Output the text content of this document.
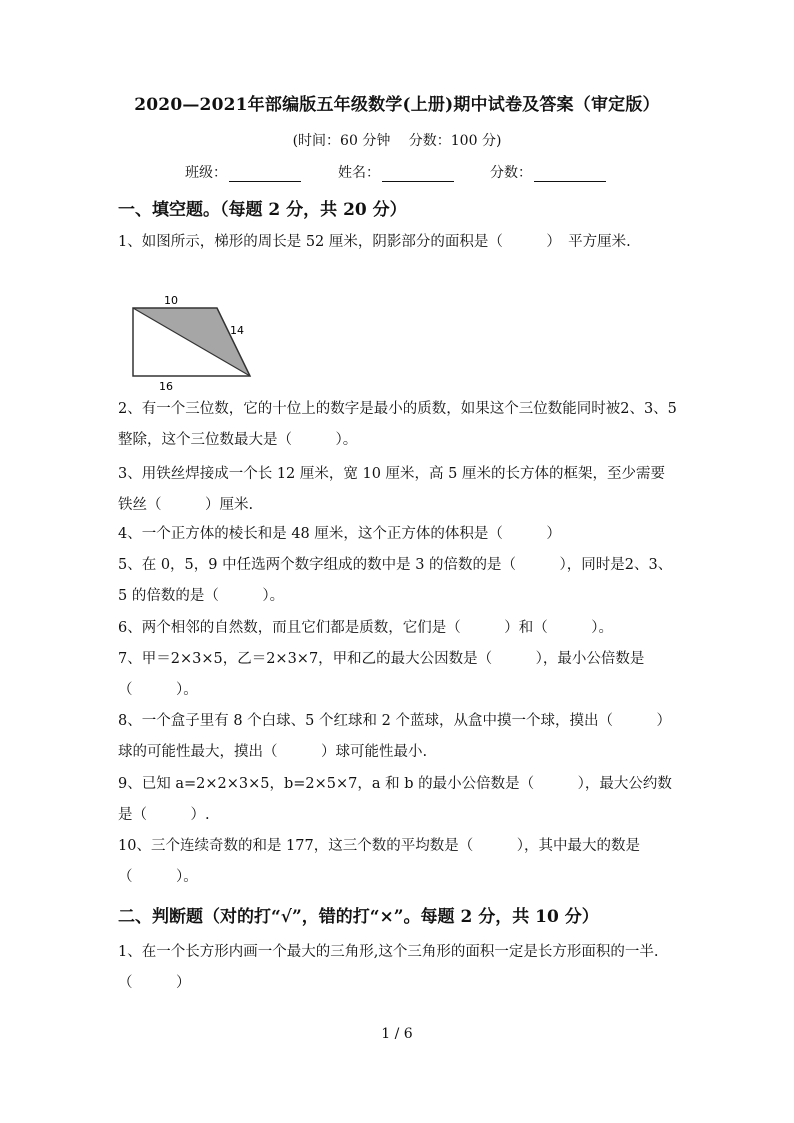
2020—2021年部编版五年级数学(上册)期中试卷及答案（审定版）
(时间：60 分钟　 分数：100 分)
班级：	姓名：	分数：
一、填空题。（每题 2 分，共 20 分）
1、如图所示，梯形的周长是 52 厘米，阴影部分的面积是（　　　）　平方厘米.
10
14
16
2、有一个三位数，它的十位上的数字是最小的质数，如果这个三位数能同时被2、3、5 整除，这个三位数最大是（　　　）。
3、用铁丝焊接成一个长 12 厘米，宽 10 厘米，高 5 厘米的长方体的框架，至少需要铁丝（　　　）厘米.
4、一个正方体的棱长和是 48 厘米，这个正方体的体积是（　　　）
5、在 0，5，9 中任选两个数字组成的数中是 3 的倍数的是（　　　），同时是2、3、5 的倍数的是（　　　）。
6、两个相邻的自然数，而且它们都是质数，它们是（　　　）和（　　　）。
7、甲＝2×3×5，乙＝2×3×7，甲和乙的最大公因数是（　　　），最小公倍数是（　　　）。
8、一个盒子里有 8 个白球、5 个红球和 2 个蓝球，从盒中摸一个球，摸出（　　　）球的可能性最大，摸出（　　　）球可能性最小.
9、已知 a=2×2×3×5，b=2×5×7，a 和 b 的最小公倍数是（　　　），最大公约数是（　　　）.
10、三个连续奇数的和是 177，这三个数的平均数是（　　　），其中最大的数是（　　　）。
二、判断题（对的打“√”，错的打“×”。每题 2 分，共 10 分）
1、在一个长方形内画一个最大的三角形,这个三角形的面积一定是长方形面积的一半.（　　　）
1 / 6
